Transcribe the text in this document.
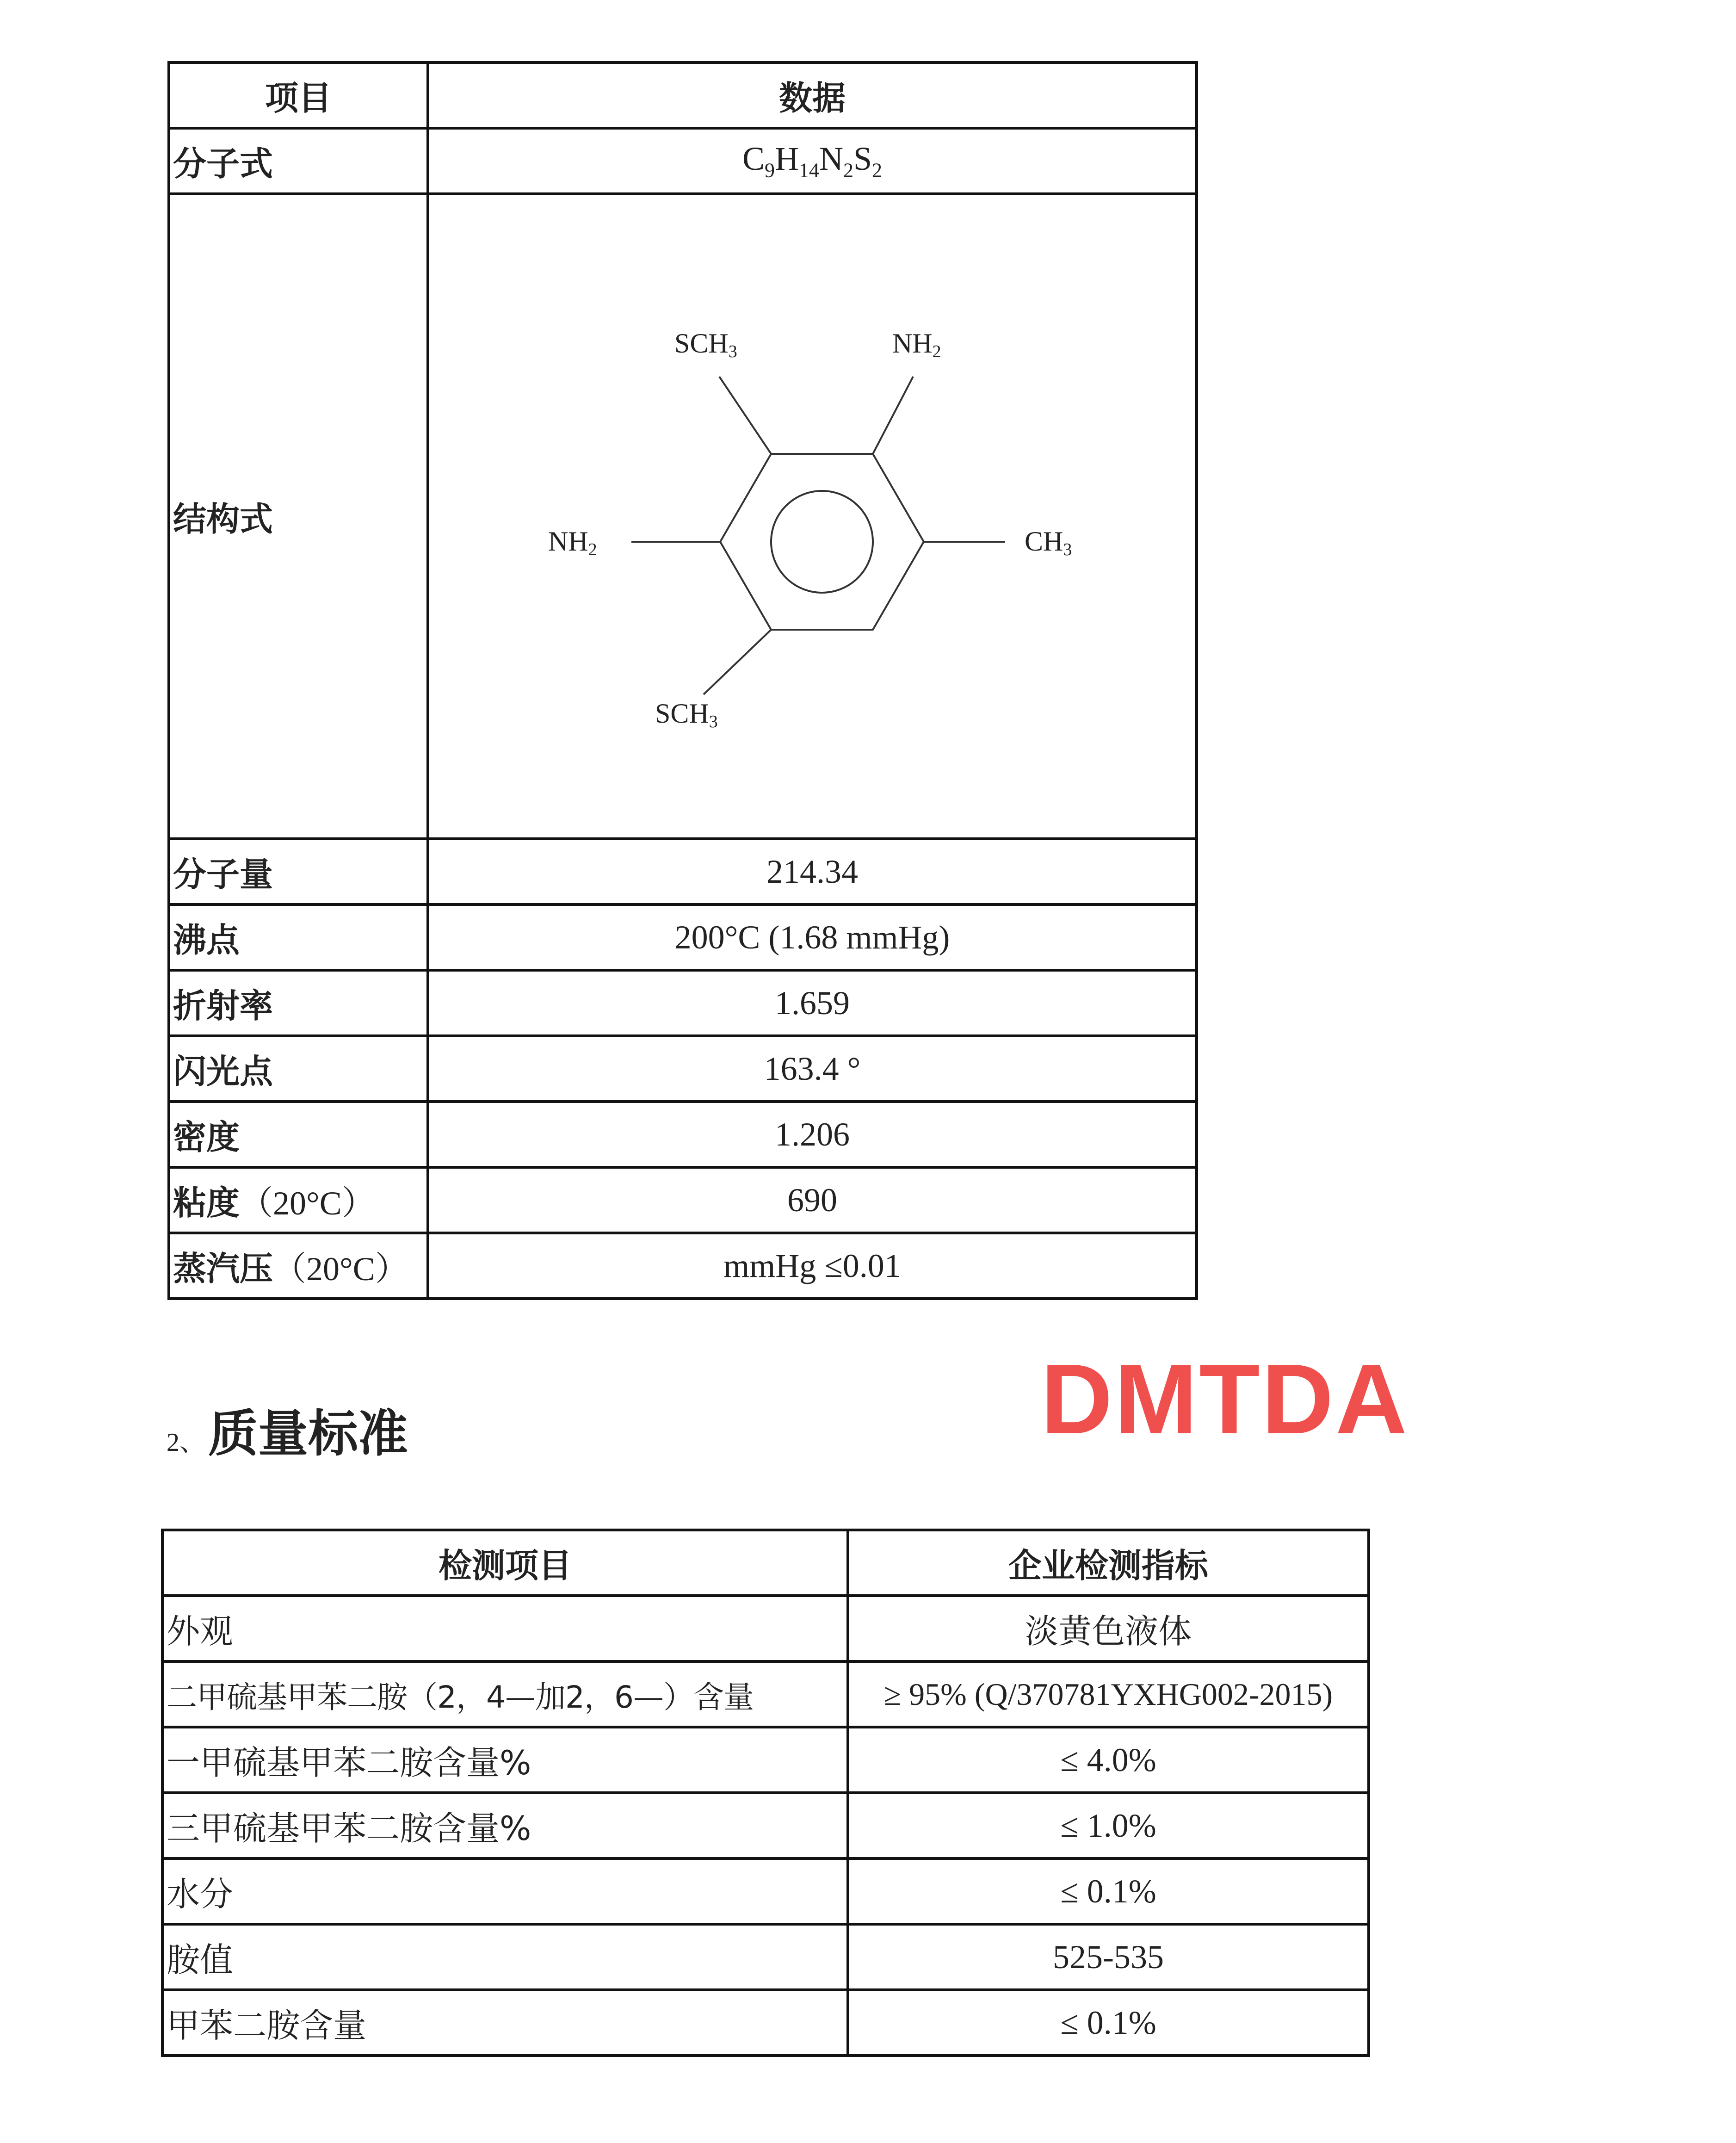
项目	数据
分子式	$C_9H_{14}N_2S_2$
结构式	SCH3 NH2
NH2 CH3
SCH3

分子量	214.34
沸点	200°C (1.68 mmHg)
折射率	1.659
闪光点	163.4 °
密度	1.206
粘度（20°C）	690
蒸汽压（20°C）	mmHg ≤0.01
DMTDA
2、 质量标准
检测项目	企业检测指标
外观	淡黄色液体
二甲硫基甲苯二胺（2，4—加2，6—）含量	≥ 95% (Q/370781YXHG002-2015)
一甲硫基甲苯二胺含量%	≤ 4.0%
三甲硫基甲苯二胺含量%	≤ 1.0%
水分	≤ 0.1%
胺值	525-535
甲苯二胺含量	≤ 0.1%
